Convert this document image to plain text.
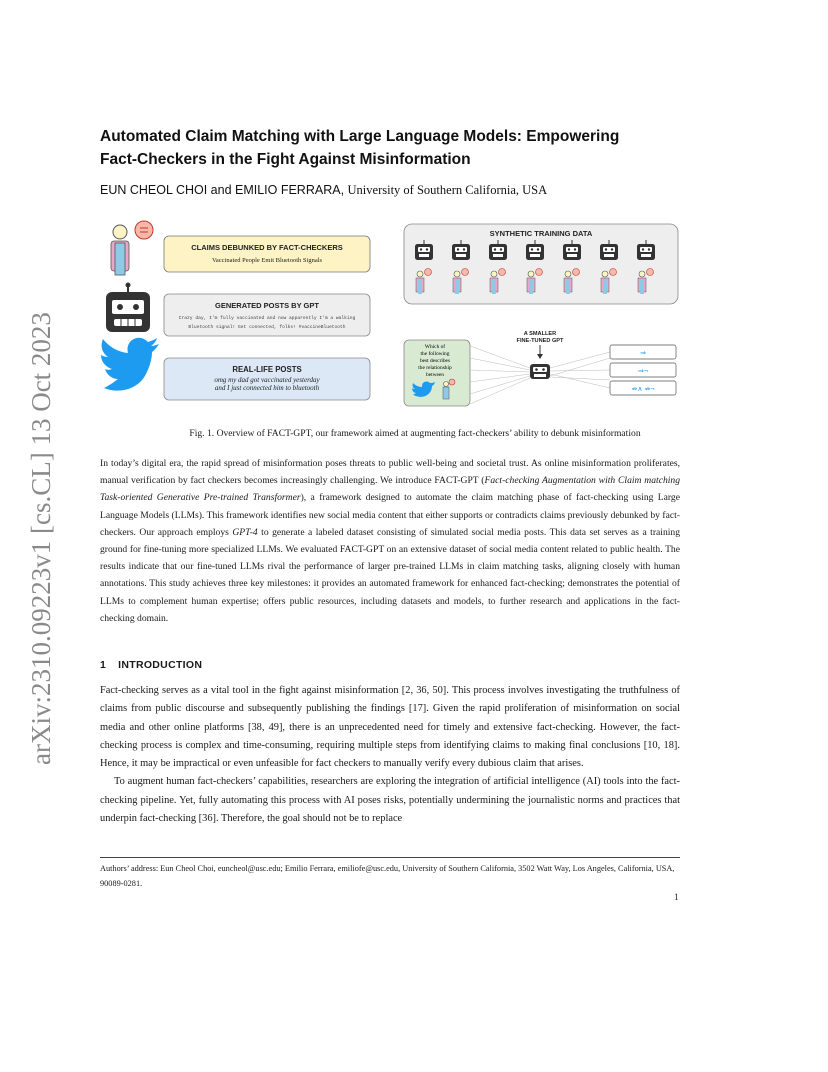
arXiv:2310.09223v1 [cs.CL] 13 Oct 2023
Automated Claim Matching with Large Language Models: Empowering
Fact-Checkers in the Fight Against Misinformation
EUN CHEOL CHOI and EMILIO FERRARA, University of Southern California, USA
CLAIMS DEBUNKED BY FACT-CHECKERS
Vaccinated People Emit Bluetooth Signals
GENERATED POSTS BY GPT
Crazy day, I'm fully vaccinated and now apparently I'm a walking
Bluetooth signal! Get connected, folks! #vaccineBluetooth
REAL-LIFE POSTS
omg my dad got vaccinated yesterday
and I just connected him to bluetooth
SYNTHETIC TRAINING DATA
A SMALLER
FINE-TUNED GPT
Which of
the following
best describes
the relationship
between
⇒
⇒¬
⇏∧ ⇏¬
Fig. 1. Overview of FACT-GPT, our framework aimed at augmenting fact-checkers’ ability to debunk misinformation
In today’s digital era, the rapid spread of misinformation poses threats to public well-being and societal trust. As online misinformation proliferates, manual verification by fact checkers becomes increasingly challenging. We introduce FACT-GPT (Fact-checking Augmentation with Claim matching Task-oriented Generative Pre-trained Transformer), a framework designed to automate the claim matching phase of fact-checking using Large Language Models (LLMs). This framework identifies new social media content that either supports or contradicts claims previously debunked by fact-checkers. Our approach employs GPT-4 to generate a labeled dataset consisting of simulated social media posts. This data set serves as a training ground for fine-tuning more specialized LLMs. We evaluated FACT-GPT on an extensive dataset of social media content related to public health. The results indicate that our fine-tuned LLMs rival the performance of larger pre-trained LLMs in claim matching tasks, aligning closely with human annotations. This study achieves three key milestones: it provides an automated framework for enhanced fact-checking; demonstrates the potential of LLMs to complement human expertise; offers public resources, including datasets and models, to further research and applications in the fact-checking domain.
1 INTRODUCTION

Fact-checking serves as a vital tool in the fight against misinformation [2, 36, 50]. This process involves investigating the truthfulness of claims from public discourse and subsequently publishing the findings [17]. Given the rapid proliferation of misinformation on social media and other online platforms [38, 49], there is an unprecedented need for timely and extensive fact-checking. However, the fact-checking process is complex and time-consuming, requiring multiple steps from identifying claims to making final conclusions [10, 18]. Hence, it may be impractical or even unfeasible for fact checkers to manually verify every dubious claim that arises.

To augment human fact-checkers’ capabilities, researchers are exploring the integration of artificial intelligence (AI) tools into the fact-checking pipeline. Yet, fully automating this process with AI poses risks, potentially undermining the journalistic norms and practices that underpin fact-checking [36]. Therefore, the goal should not be to replace

Authors’ address: Eun Cheol Choi, euncheol@usc.edu; Emilio Ferrara, emiliofe@usc.edu, University of Southern California, 3502 Watt Way, Los Angeles, California, USA, 90089-0281.
1
